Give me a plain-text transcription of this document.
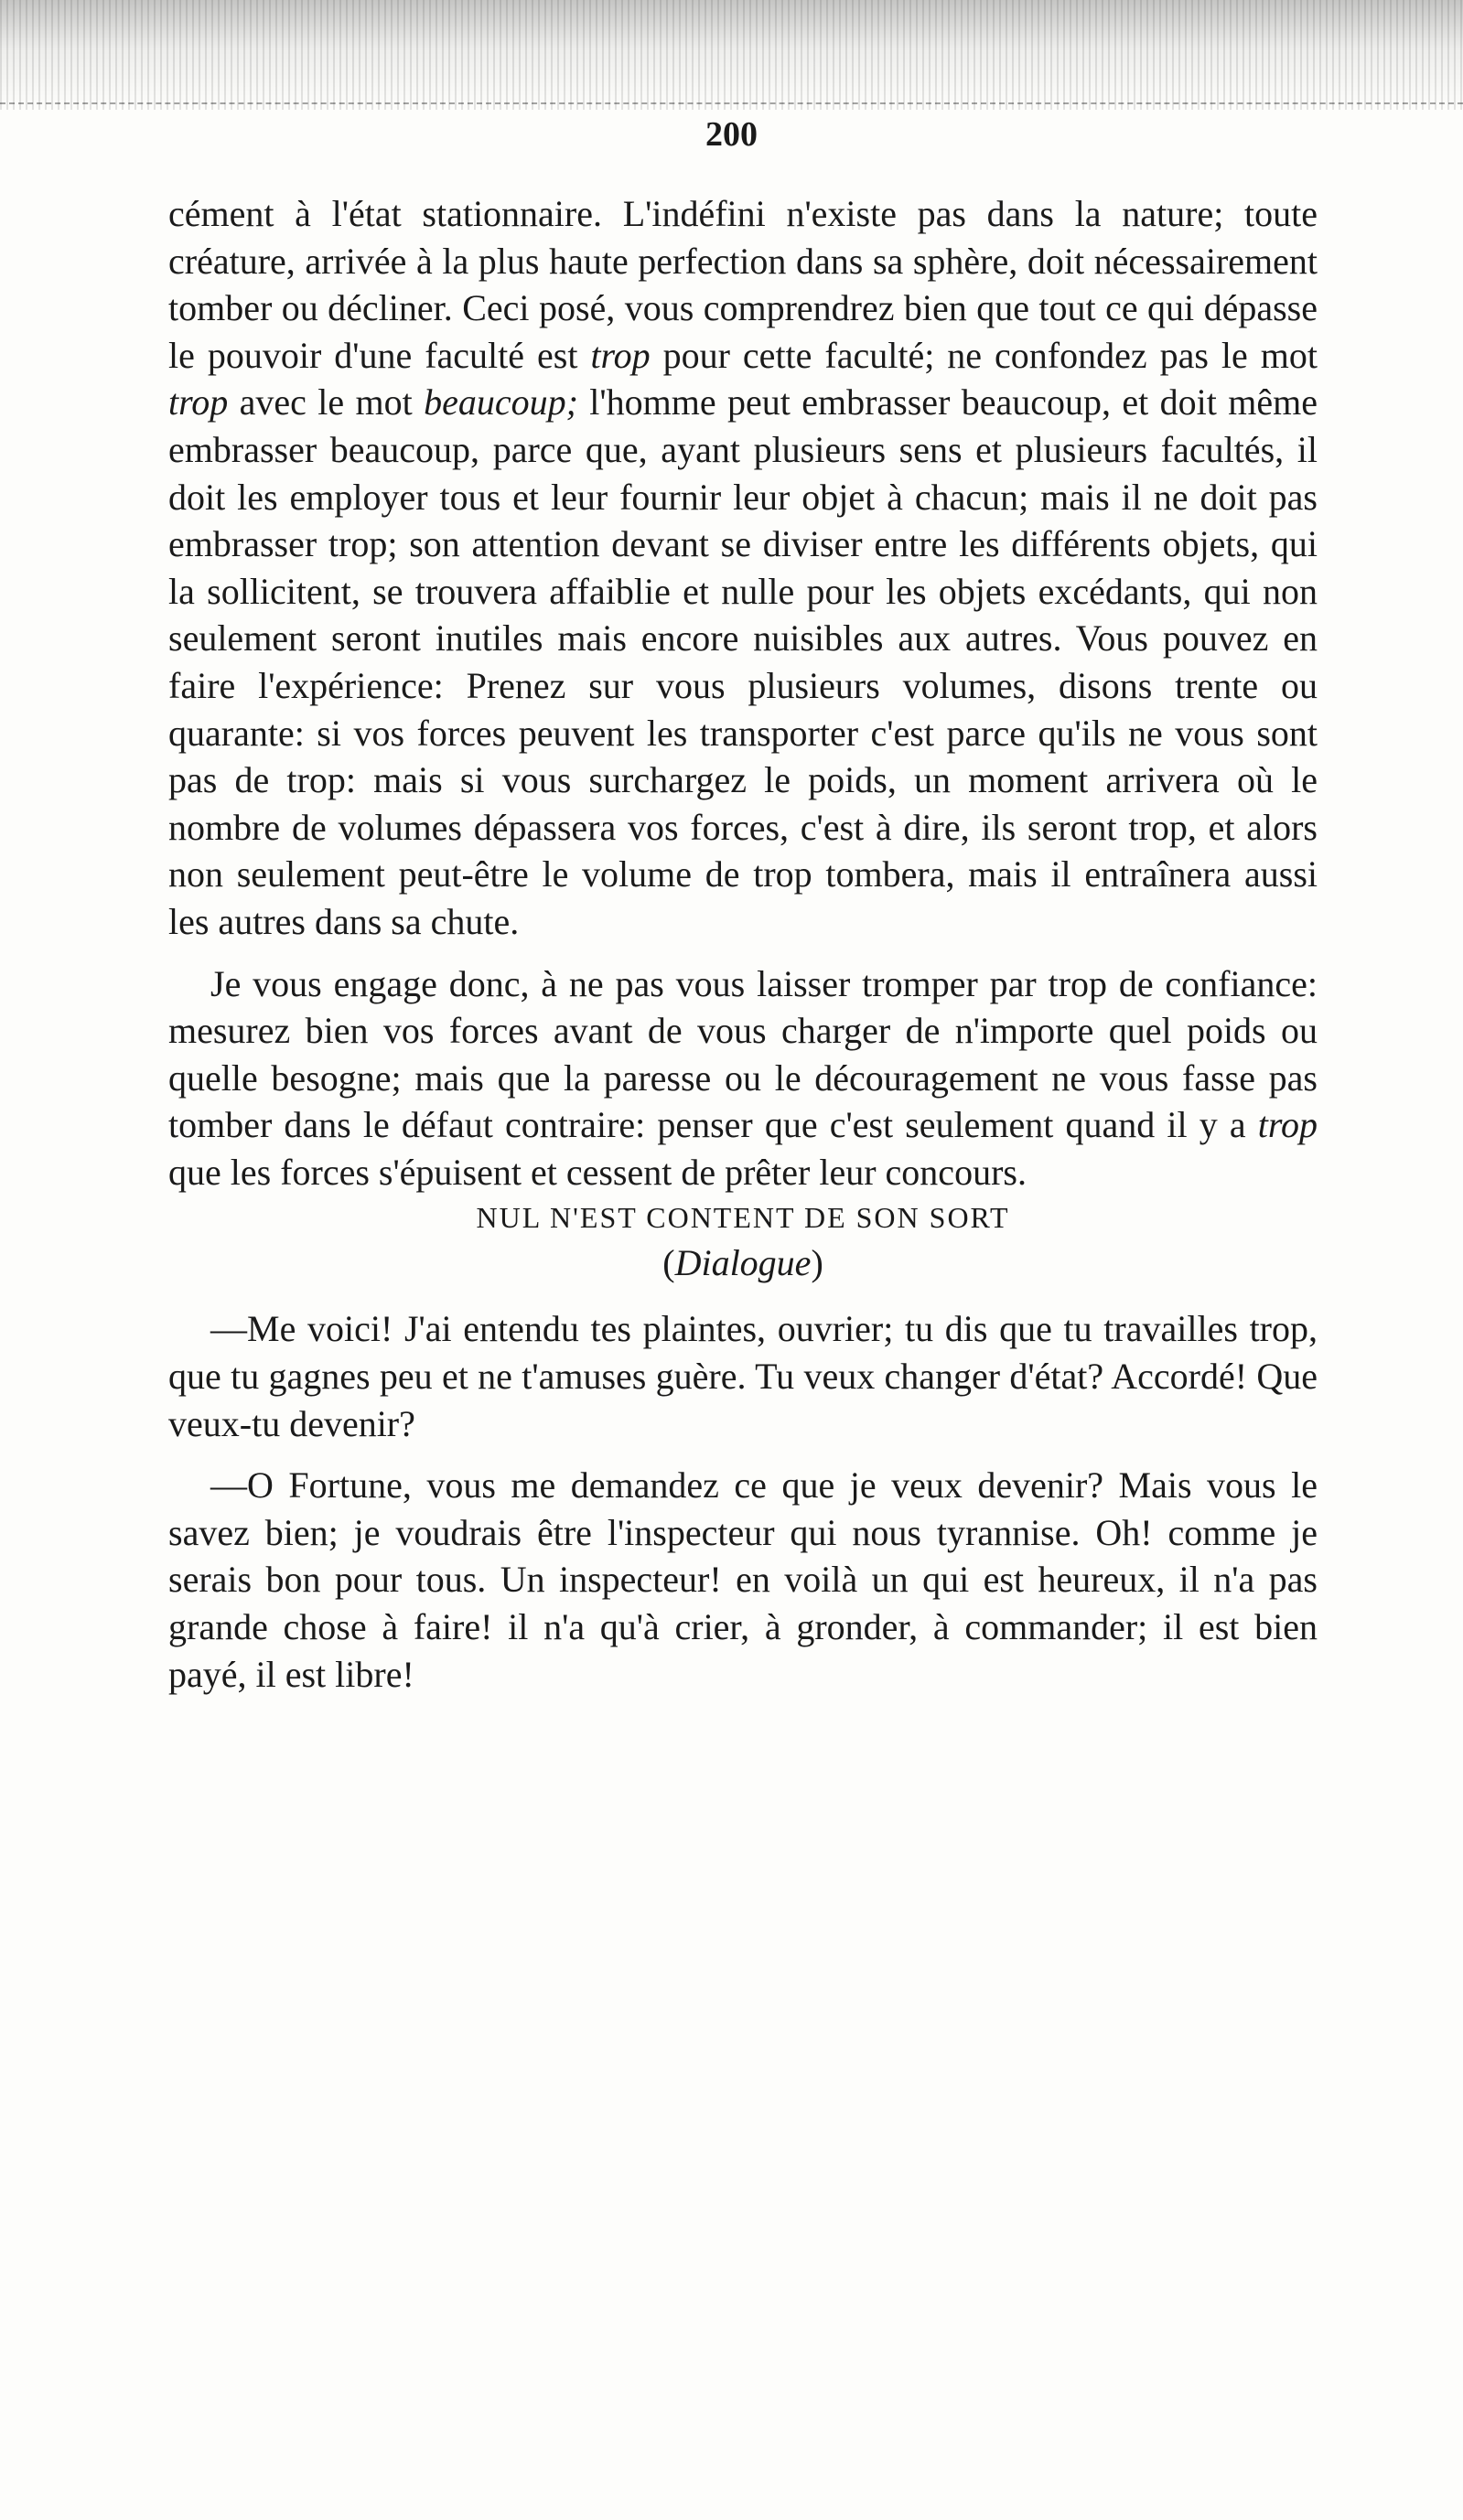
200

cément à l'état stationnaire. L'indéfini n'existe pas dans la nature; toute créature, arrivée à la plus haute perfection dans sa sphère, doit nécessairement tomber ou décliner. Ceci posé, vous comprendrez bien que tout ce qui dépasse le pouvoir d'une faculté est trop pour cette faculté; ne confondez pas le mot trop avec le mot beaucoup; l'homme peut embrasser beaucoup, et doit même embrasser beaucoup, parce que, ayant plusieurs sens et plusieurs facultés, il doit les employer tous et leur fournir leur objet à chacun; mais il ne doit pas embrasser trop; son attention devant se diviser entre les différents objets, qui la sollicitent, se trouvera affaiblie et nulle pour les objets excédants, qui non seulement seront inutiles mais encore nuisibles aux autres. Vous pouvez en faire l'expérience: Prenez sur vous plusieurs volumes, disons trente ou quarante: si vos forces peuvent les transporter c'est parce qu'ils ne vous sont pas de trop: mais si vous surchargez le poids, un moment arrivera où le nombre de volumes dépassera vos forces, c'est à dire, ils seront trop, et alors non seulement peut-être le volume de trop tombera, mais il entraînera aussi les autres dans sa chute.

Je vous engage donc, à ne pas vous laisser tromper par trop de confiance: mesurez bien vos forces avant de vous charger de n'importe quel poids ou quelle besogne; mais que la paresse ou le découragement ne vous fasse pas tomber dans le défaut contraire: penser que c'est seulement quand il y a trop que les forces s'épuisent et cessent de prêter leur concours.

NUL N'EST CONTENT DE SON SORT

(Dialogue)

—Me voici! J'ai entendu tes plaintes, ouvrier; tu dis que tu travailles trop, que tu gagnes peu et ne t'amuses guère. Tu veux changer d'état? Accordé! Que veux-tu devenir?

—O Fortune, vous me demandez ce que je veux devenir? Mais vous le savez bien; je voudrais être l'inspecteur qui nous tyrannise. Oh! comme je serais bon pour tous. Un inspecteur! en voilà un qui est heureux, il n'a pas grande chose à faire! il n'a qu'à crier, à gronder, à commander; il est bien payé, il est libre!
